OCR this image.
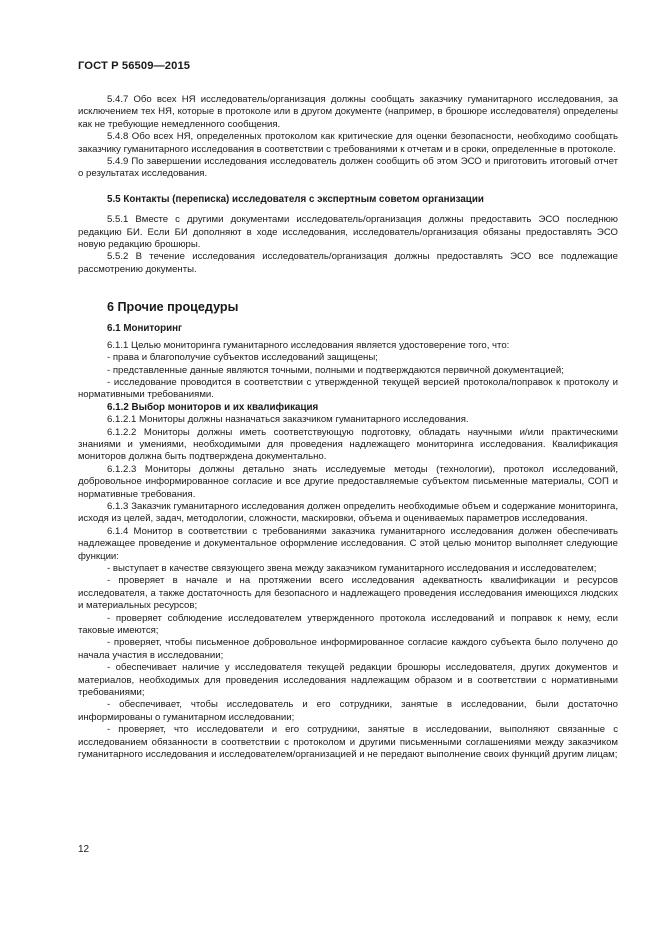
ГОСТ Р 56509—2015

5.4.7 Обо всех НЯ исследователь/организация должны сообщать заказчику гуманитарного исследования, за исключением тех НЯ, которые в протоколе или в другом документе (например, в брошюре исследователя) определены как не требующие немедленного сообщения.

5.4.8 Обо всех НЯ, определенных протоколом как критические для оценки безопасности, необходимо сообщать заказчику гуманитарного исследования в соответствии с требованиями к отчетам и в сроки, определенные в протоколе.

5.4.9 По завершении исследования исследователь должен сообщить об этом ЭСО и приготовить итоговый отчет о результатах исследования.

5.5 Контакты (переписка) исследователя с экспертным советом организации

5.5.1 Вместе с другими документами исследователь/организация должны предоставить ЭСО последнюю редакцию БИ. Если БИ дополняют в ходе исследования, исследователь/организация обязаны предоставлять ЭСО новую редакцию брошюры.

5.5.2 В течение исследования исследователь/организация должны предоставлять ЭСО все подлежащие рассмотрению документы.

6 Прочие процедуры
6.1 Мониторинг

6.1.1 Целью мониторинга гуманитарного исследования является удостоверение того, что:

- права и благополучие субъектов исследований защищены;

- представленные данные являются точными, полными и подтверждаются первичной документацией;

- исследование проводится в соответствии с утвержденной текущей версией протокола/поправок к протоколу и нормативными требованиями.

6.1.2 Выбор мониторов и их квалификация

6.1.2.1 Мониторы должны назначаться заказчиком гуманитарного исследования.

6.1.2.2 Мониторы должны иметь соответствующую подготовку, обладать научными и/или практическими знаниями и умениями, необходимыми для проведения надлежащего мониторинга исследования. Квалификация мониторов должна быть подтверждена документально.

6.1.2.3 Мониторы должны детально знать исследуемые методы (технологии), протокол исследований, добровольное информированное согласие и все другие предоставляемые субъектом письменные материалы, СОП и нормативные требования.

6.1.3 Заказчик гуманитарного исследования должен определить необходимые объем и содержание мониторинга, исходя из целей, задач, методологии, сложности, маскировки, объема и оцениваемых параметров исследования.

6.1.4 Монитор в соответствии с требованиями заказчика гуманитарного исследования должен обеспечивать надлежащее проведение и документальное оформление исследования. С этой целью монитор выполняет следующие функции:

- выступает в качестве связующего звена между заказчиком гуманитарного исследования и исследователем;

- проверяет в начале и на протяжении всего исследования адекватность квалификации и ресурсов исследователя, а также достаточность для безопасного и надлежащего проведения исследования имеющихся людских и материальных ресурсов;

- проверяет соблюдение исследователем утвержденного протокола исследований и поправок к нему, если таковые имеются;

- проверяет, чтобы письменное добровольное информированное согласие каждого субъекта было получено до начала участия в исследовании;

- обеспечивает наличие у исследователя текущей редакции брошюры исследователя, других документов и материалов, необходимых для проведения исследования надлежащим образом и в соответствии с нормативными требованиями;

- обеспечивает, чтобы исследователь и его сотрудники, занятые в исследовании, были достаточно информированы о гуманитарном исследовании;

- проверяет, что исследователи и его сотрудники, занятые в исследовании, выполняют связанные с исследованием обязанности в соответствии с протоколом и другими письменными соглашениями между заказчиком гуманитарного исследования и исследователем/организацией и не передают выполнение своих функций другим лицам;

12
